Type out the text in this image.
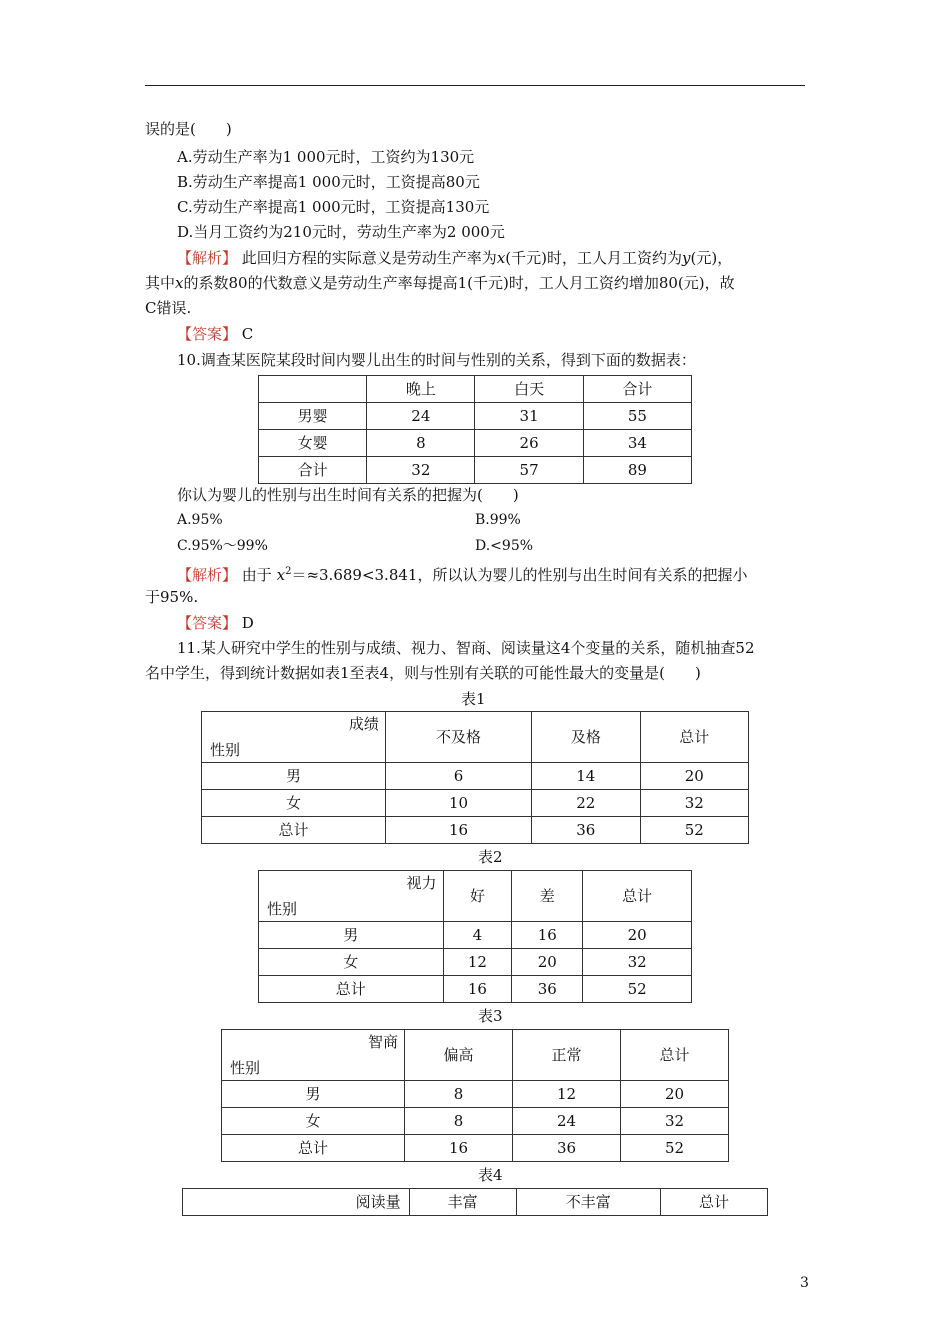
误的是(　　)
A.劳动生产率为1 000元时，工资约为130元
B.劳动生产率提高1 000元时，工资提高80元
C.劳动生产率提高1 000元时，工资提高130元
D.当月工资约为210元时，劳动生产率为2 000元
【解析】 此回归方程的实际意义是劳动生产率为x(千元)时，工人月工资约为y(元)，
其中x的系数80的代数意义是劳动生产率每提高1(千元)时，工人月工资约增加80(元)，故
C错误.
【答案】 C
10.调查某医院某段时间内婴儿出生的时间与性别的关系，得到下面的数据表：
	晚上	白天	合计
男婴	24	31	55
女婴	8	26	34
合计	32	57	89
你认为婴儿的性别与出生时间有关系的把握为(　　)
A.95%	B.99%
C.95%～99%	D.<95%
【解析】 由于 $x^2=\approx 3.689<3.841$，所以认为婴儿的性别与出生时间有关系的把握小
于95%.
【答案】 D
11.某人研究中学生的性别与成绩、视力、智商、阅读量这4个变量的关系，随机抽查52
名中学生，得到统计数据如表1至表4，则与性别有关联的可能性最大的变量是(　　)
表1
成绩
性别	不及格	及格	总计
男	6	14	20
女	10	22	32
总计	16	36	52
表2
视力
性别	好	差	总计
男	4	16	20
女	12	20	32
总计	16	36	52
表3
智商
性别	偏高	正常	总计
男	8	12	20
女	8	24	32
总计	16	36	52
表4
阅读量	丰富	不丰富	总计
3
